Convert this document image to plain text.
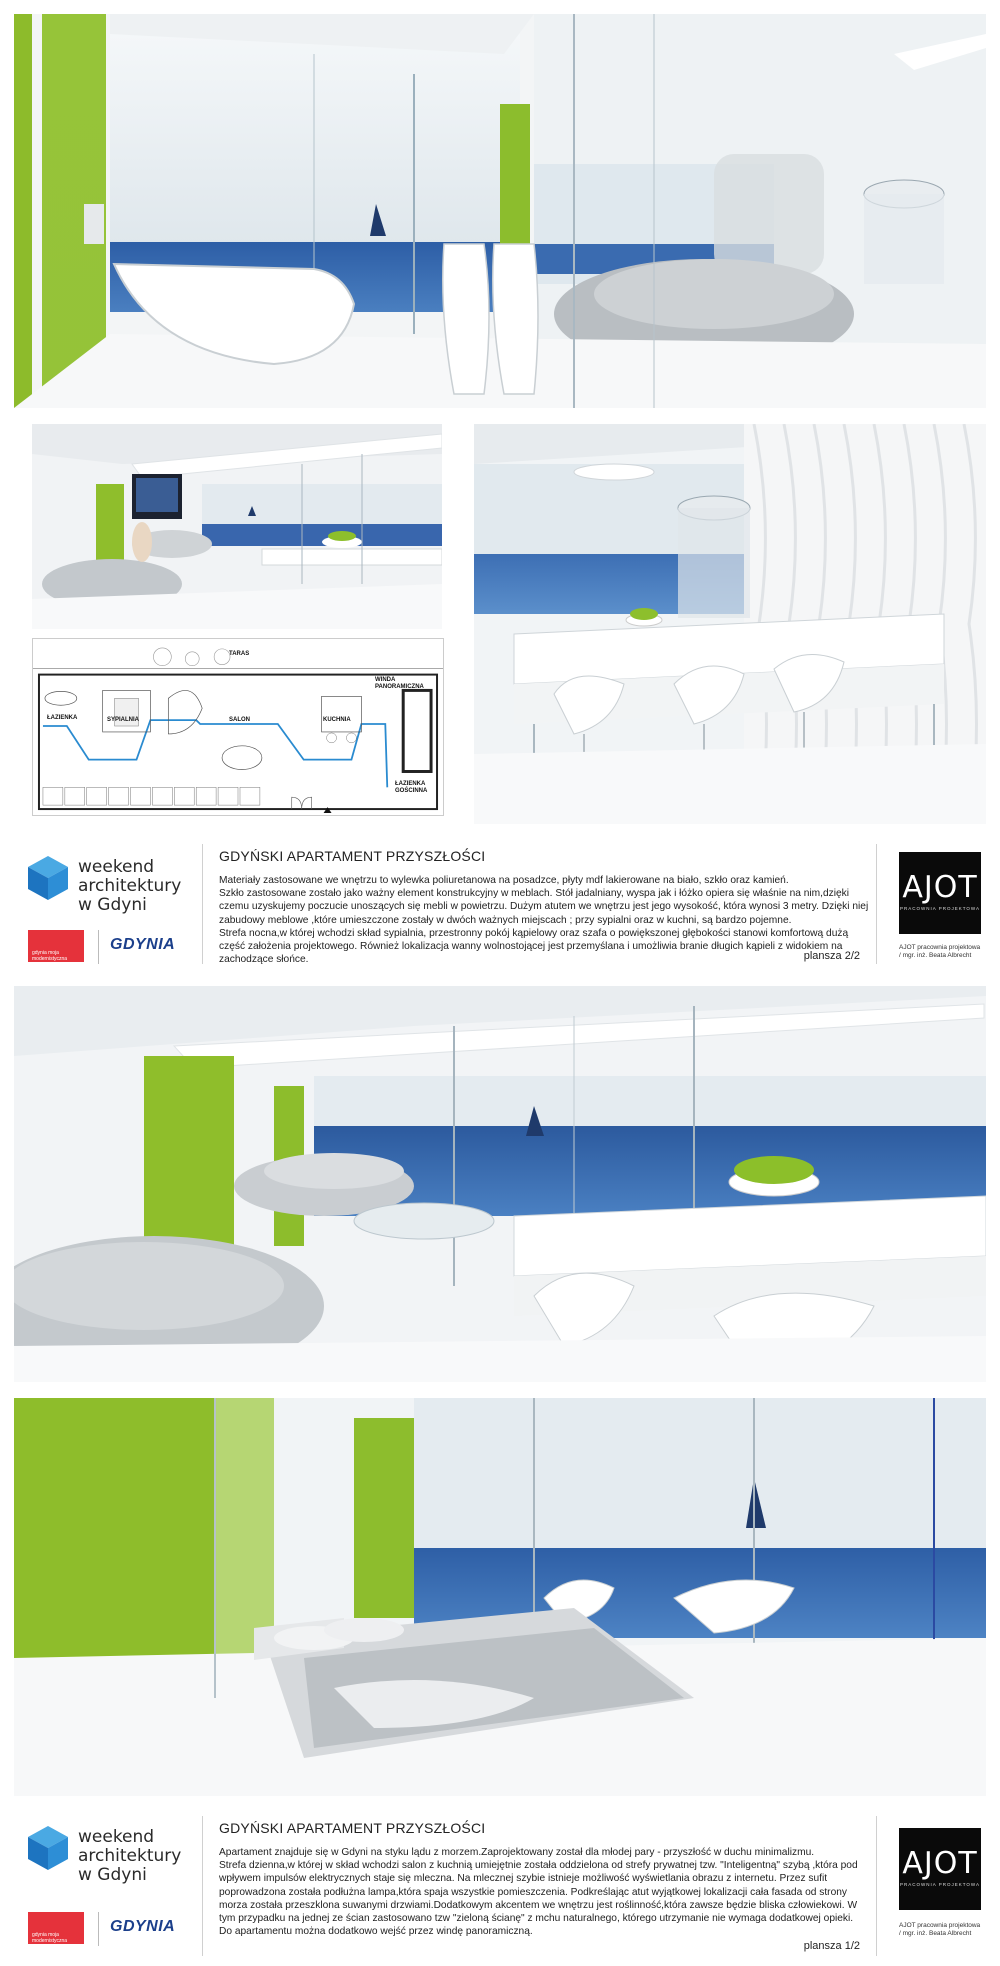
TARAS
WINDA PANORAMICZNA
ŁAZIENKA	SYPIALNIA	SALON	KUCHNIA
ŁAZIENKA GOŚCINNA
weekend
architektury
w Gdyni
gdynia moja modernistyczna
GDYNIA
GDYŃSKI APARTAMENT PRZYSZŁOŚCI

Materiały zastosowane we wnętrzu to wylewka poliuretanowa na posadzce, płyty mdf lakierowane na biało, szkło oraz kamień.

Szkło zastosowane zostało jako ważny element konstrukcyjny w meblach. Stół jadalniany, wyspa jak i łóżko opiera się właśnie na nim,dzięki czemu uzyskujemy poczucie unoszących się mebli w powietrzu. Dużym atutem we wnętrzu jest jego wysokość, która wynosi 3 metry. Dzięki niej zabudowy meblowe ,które umieszczone zostały w dwóch ważnych miejscach ; przy sypialni oraz w kuchni, są bardzo pojemne.

Strefa nocna,w której wchodzi skład sypialnia, przestronny pokój kąpielowy oraz szafa o powiększonej głębokości stanowi komfortową dużą część założenia projektowego. Również lokalizacja wanny wolnostojącej jest przemyślana i umożliwia branie długich kąpieli z widokiem na zachodzące słońce.	plansza 2/2
AJOT
PRACOWNIA PROJEKTOWA
AJOT pracownia projektowa
/ mgr. inż. Beata Albrecht
weekend
architektury
w Gdyni
gdynia moja modernistyczna
GDYNIA
GDYŃSKI APARTAMENT PRZYSZŁOŚCI

Apartament znajduje się w Gdyni na styku lądu z morzem.Zaprojektowany został dla młodej pary - przyszłość w duchu minimalizmu.

Strefa dzienna,w której w skład wchodzi salon z kuchnią umiejętnie została oddzielona od strefy prywatnej tzw. "Inteligentną" szybą ,która pod wpływem impulsów elektrycznych staje się mleczna. Na mlecznej szybie istnieje możliwość wyświetlania obrazu z internetu. Przez sufit poprowadzona została podłużna lampa,która spaja wszystkie pomieszczenia. Podkreślając atut wyjątkowej lokalizacji cała fasada od strony morza została przeszklona suwanymi drzwiami.Dodatkowym akcentem we wnętrzu jest roślinność,która zawsze będzie bliska człowiekowi. W tym przypadku na jednej ze ścian zastosowano tzw "zieloną ścianę" z mchu naturalnego, którego utrzymanie nie wymaga dodatkowej opieki.

Do apartamentu można dodatkowo wejść przez windę panoramiczną.

plansza 1/2
AJOT
PRACOWNIA PROJEKTOWA
AJOT pracownia projektowa
/ mgr. inż. Beata Albrecht
